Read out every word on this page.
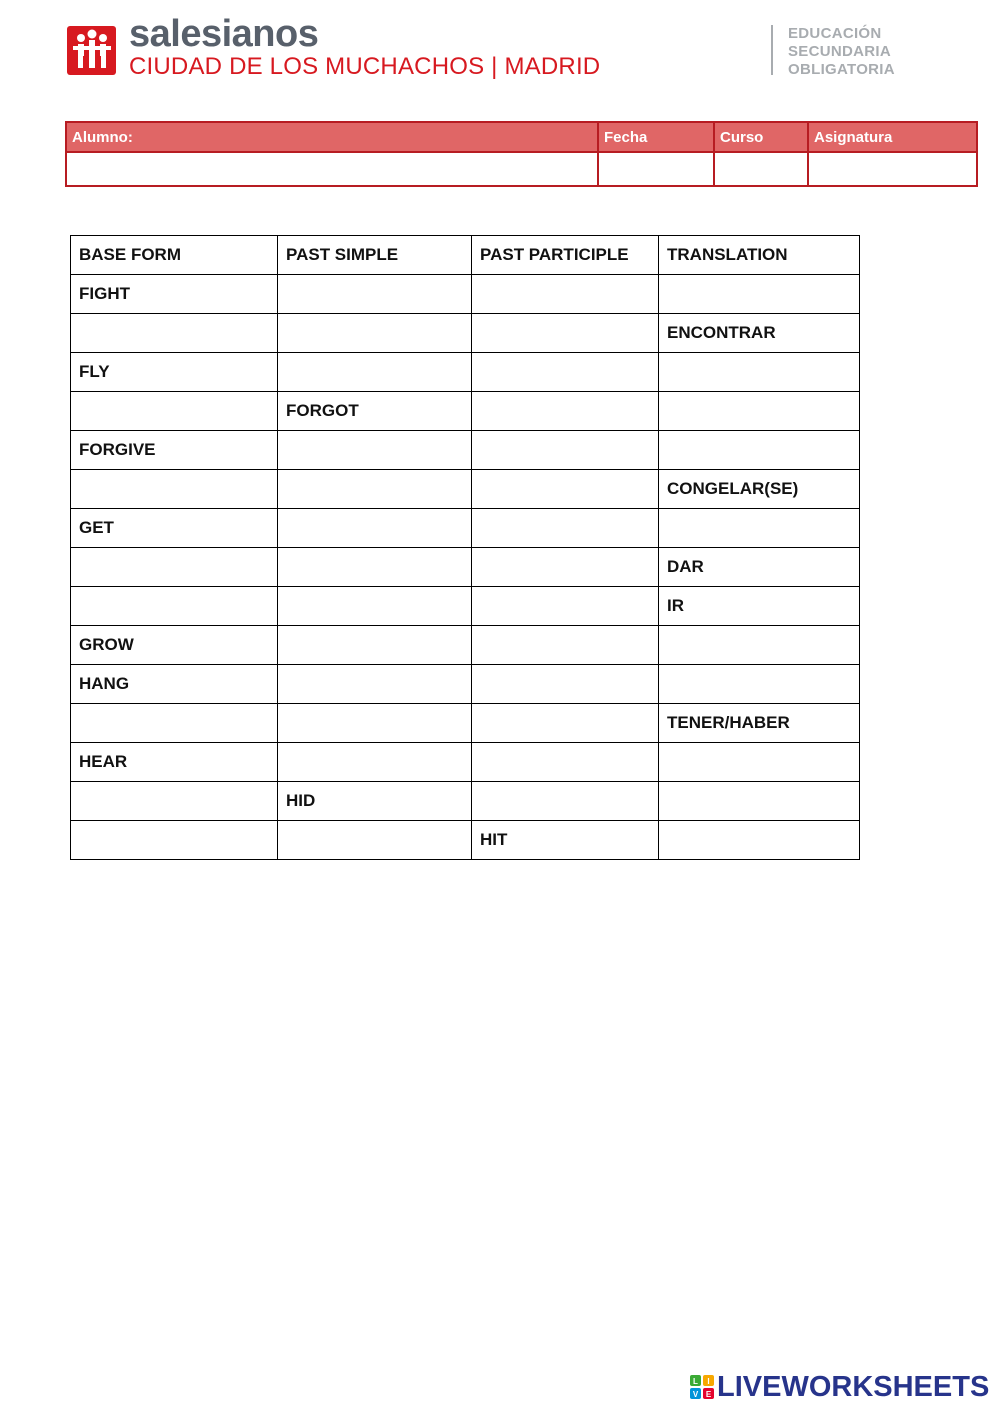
salesianos
CIUDAD DE LOS MUCHACHOS | MADRID
EDUCACIÓN
SECUNDARIA
OBLIGATORIA
Alumno:	Fecha	Curso	Asignatura

BASE FORM	PAST SIMPLE	PAST PARTICIPLE	TRANSLATION
FIGHT			
			ENCONTRAR
FLY			
	FORGOT		
FORGIVE			
			CONGELAR(SE)
GET			
			DAR
			IR
GROW			
HANG			
			TENER/HABER
HEAR			
	HID		
		HIT	
L I
V E LIVEWORKSHEETS
